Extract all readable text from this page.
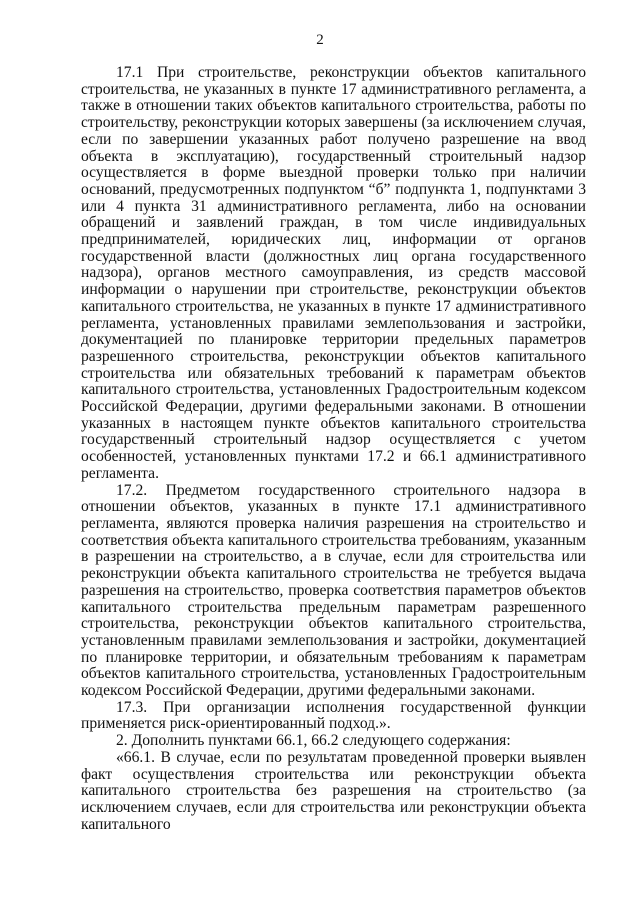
2

17.1 При строительстве, реконструкции объектов капитального строительства, не указанных в пункте 17 административного регламента, а также в отношении таких объектов капитального строительства, работы по строительству, реконструкции которых завершены (за исключением случая, если по завершении указанных работ получено разрешение на ввод объекта в эксплуатацию), государственный строительный надзор осуществляется в форме выездной проверки только при наличии оснований, предусмотренных подпунктом “б” подпункта 1, подпунктами 3 или 4 пункта 31 административного регламента, либо на основании обращений и заявлений граждан, в том числе индивидуальных предпринимателей, юридических лиц, информации от органов государственной власти (должностных лиц органа государственного надзора), органов местного самоуправления, из средств массовой информации о нарушении при строительстве, реконструкции объектов капитального строительства, не указанных в пункте 17 административного регламента, установленных правилами землепользования и застройки, документацией по планировке территории предельных параметров разрешенного строительства, реконструкции объектов капитального строительства или обязательных требований к параметрам объектов капитального строительства, установленных Градостроительным кодексом Российской Федерации, другими федеральными законами. В отношении указанных в настоящем пункте объектов капитального строительства государственный строительный надзор осуществляется с учетом особенностей, установленных пунктами 17.2 и 66.1 административного регламента.

17.2. Предметом государственного строительного надзора в отношении объектов, указанных в пункте 17.1 административного регламента, являются проверка наличия разрешения на строительство и соответствия объекта капитального строительства требованиям, указанным в разрешении на строительство, а в случае, если для строительства или реконструкции объекта капитального строительства не требуется выдача разрешения на строительство, проверка соответствия параметров объектов капитального строительства предельным параметрам разрешенного строительства, реконструкции объектов капитального строительства, установленным правилами землепользования и застройки, документацией по планировке территории, и обязательным требованиям к параметрам объектов капитального строительства, установленных Градостроительным кодексом Российской Федерации, другими федеральными законами.

17.3. При организации исполнения государственной функции применяется риск-ориентированный подход.».

2. Дополнить пунктами 66.1, 66.2 следующего содержания:

«66.1. В случае, если по результатам проведенной проверки выявлен факт осуществления строительства или реконструкции объекта капитального строительства без разрешения на строительство (за исключением случаев, если для строительства или реконструкции объекта капитального
